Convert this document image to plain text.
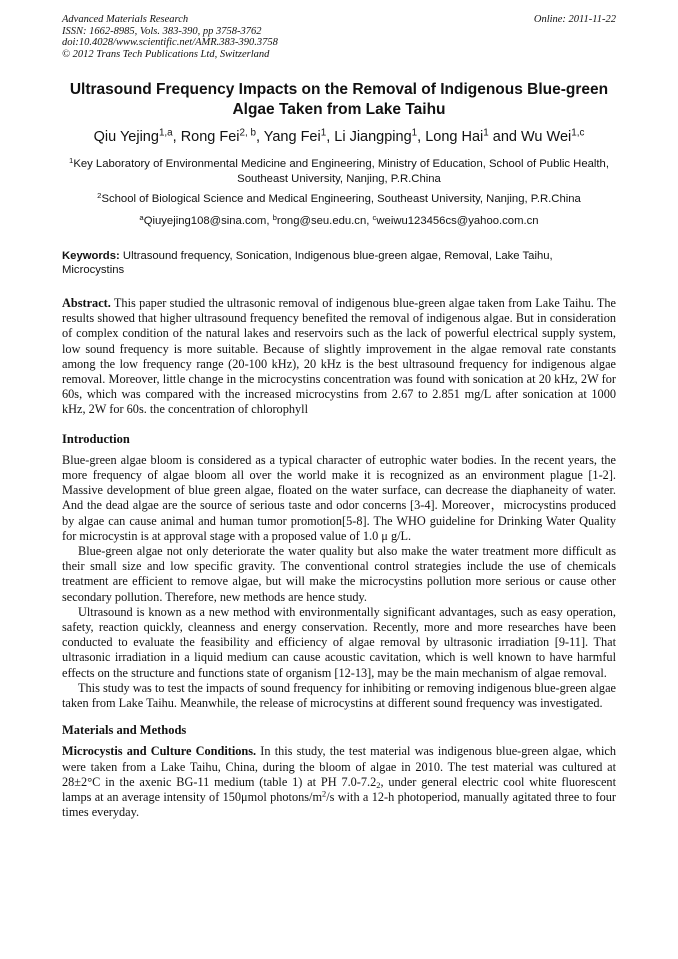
Advanced Materials Research
ISSN: 1662-8985, Vols. 383-390, pp 3758-3762
doi:10.4028/www.scientific.net/AMR.383-390.3758
© 2012 Trans Tech Publications Ltd, Switzerland
Online: 2011-11-22
Ultrasound Frequency Impacts on the Removal of Indigenous Blue-green Algae Taken from Lake Taihu
Qiu Yejing$^{1,a}$, Rong Fei$^{2, b}$, Yang Fei$^1$, Li Jiangping$^1$, Long Hai$^1$ and Wu Wei$^{1,c}$
$^1$Key Laboratory of Environmental Medicine and Engineering, Ministry of Education, School of Public Health, Southeast University, Nanjing, P.R.China
$^2$School of Biological Science and Medical Engineering, Southeast University, Nanjing, P.R.China
$^a$Qiuyejing108@sina.com, $^b$rong@seu.edu.cn, $^c$weiwu123456cs@yahoo.com.cn
Keywords: Ultrasound frequency, Sonication, Indigenous blue-green algae, Removal, Lake Taihu, Microcystins

Abstract. This paper studied the ultrasonic removal of indigenous blue-green algae taken from Lake Taihu. The results showed that higher ultrasound frequency benefited the removal of indigenous algae. But in consideration of complex condition of the natural lakes and reservoirs such as the lack of powerful electrical supply system, low sound frequency is more suitable. Because of slightly improvement in the algae removal rate constants among the low frequency range (20-100 kHz), 20 kHz is the best ultrasound frequency for indigenous algae removal. Moreover, little change in the microcystins concentration was found with sonication at 20 kHz, 2W for 60s, which was compared with the increased microcystins from 2.67 to 2.851 mg/L after sonication at 1000 kHz, 2W for 60s. the concentration of chlorophyll

Introduction

Blue-green algae bloom is considered as a typical character of eutrophic water bodies. In the recent years, the more frequency of algae bloom all over the world make it is recognized as an environment plague [1-2]. Massive development of blue green algae, floated on the water surface, can decrease the diaphaneity of water. And the dead algae are the source of serious taste and odor concerns [3-4]. Moreover，microcystins produced by algae can cause animal and human tumor promotion[5-8]. The WHO guideline for Drinking Water Quality for microcystin is at approval stage with a proposed value of 1.0 μ g/L.

Blue-green algae not only deteriorate the water quality but also make the water treatment more difficult as their small size and low specific gravity. The conventional control strategies include the use of chemicals treatment are efficient to remove algae, but will make the microcystins pollution more serious or cause other secondary pollution. Therefore, new methods are hence study.

Ultrasound is known as a new method with environmentally significant advantages, such as easy operation, safety, reaction quickly, cleanness and energy conservation. Recently, more and more researches have been conducted to evaluate the feasibility and efficiency of algae removal by ultrasonic irradiation [9-11]. That ultrasonic irradiation in a liquid medium can cause acoustic cavitation, which is well known to have harmful effects on the structure and functions state of organism [12-13], may be the main mechanism of algae removal.

This study was to test the impacts of sound frequency for inhibiting or removing indigenous blue-green algae taken from Lake Taihu. Meanwhile, the release of microcystins at different sound frequency was investigated.

Materials and Methods

Microcystis and Culture Conditions. In this study, the test material was indigenous blue-green algae, which were taken from a Lake Taihu, China, during the bloom of algae in 2010. The test material was cultured at 28±2°C in the axenic BG-11 medium (table 1) at PH $7.0-7.2_2$, under general electric cool white fluorescent lamps at an average intensity of 150μmol photons/$m^2/s$ with a 12-h photoperiod, manually agitated three to four times everyday.
